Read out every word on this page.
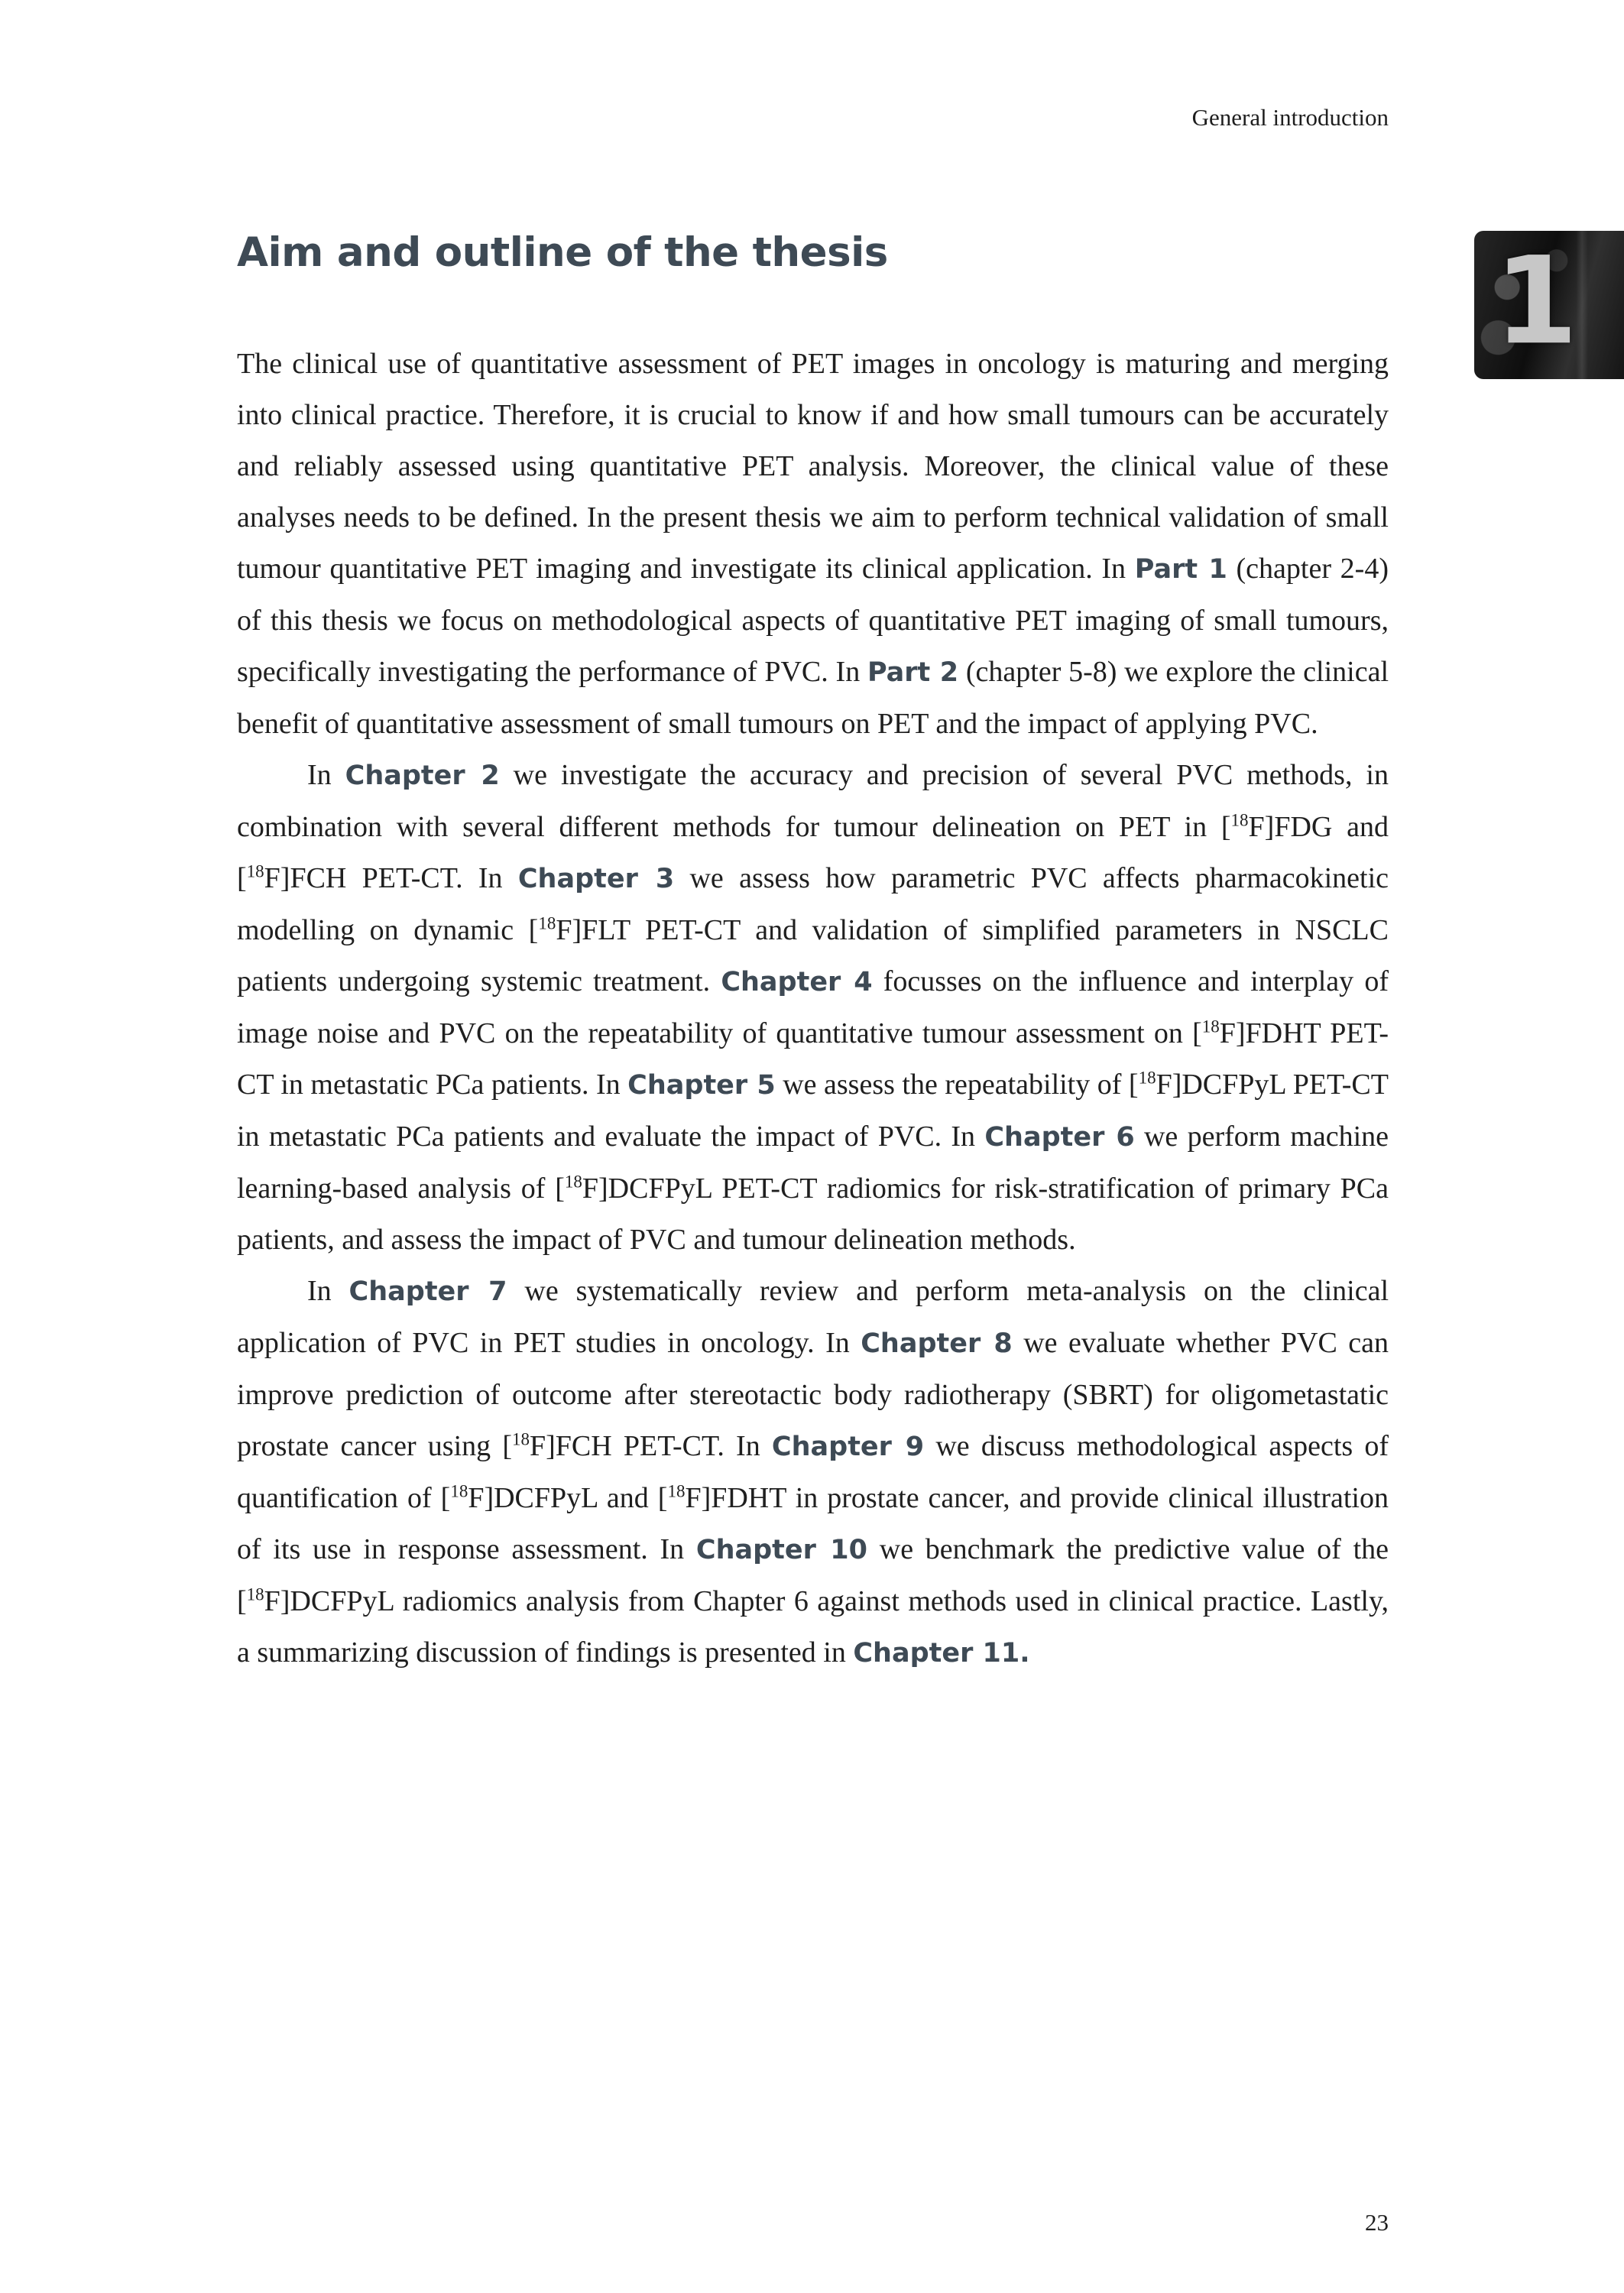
General introduction
1
Aim and outline of the thesis

The clinical use of quantitative assessment of PET images in oncology is maturing and merging into clinical practice. Therefore, it is crucial to know if and how small tumours can be accurately and reliably assessed using quantitative PET analysis. Moreover, the clinical value of these analyses needs to be defined. In the present thesis we aim to perform technical validation of small tumour quantitative PET imaging and investigate its clinical application. In Part 1 (chapter 2-4) of this thesis we focus on methodological aspects of quantitative PET imaging of small tumours, specifically investigating the performance of PVC. In Part 2 (chapter 5-8) we explore the clinical benefit of quantitative assessment of small tumours on PET and the impact of applying PVC.

In Chapter 2 we investigate the accuracy and precision of several PVC methods, in combination with several different methods for tumour delineation on PET in [$^{18}$F]FDG and [$^{18}$F]FCH PET-CT. In Chapter 3 we assess how parametric PVC affects pharmacokinetic modelling on dynamic [$^{18}$F]FLT PET-CT and validation of simplified parameters in NSCLC patients undergoing systemic treatment. Chapter 4 focusses on the influence and interplay of image noise and PVC on the repeatability of quantitative tumour assessment on [$^{18}$F]FDHT PET-CT in metastatic PCa patients. In Chapter 5 we assess the repeatability of [$^{18}$F]DCFPyL PET-CT in metastatic PCa patients and evaluate the impact of PVC. In Chapter 6 we perform machine learning-based analysis of [$^{18}$F]DCFPyL PET-CT radiomics for risk-stratification of primary PCa patients, and assess the impact of PVC and tumour delineation methods.

In Chapter 7 we systematically review and perform meta-analysis on the clinical application of PVC in PET studies in oncology. In Chapter 8 we evaluate whether PVC can improve prediction of outcome after stereotactic body radiotherapy (SBRT) for oligometastatic prostate cancer using [$^{18}$F]FCH PET-CT. In Chapter 9 we discuss methodological aspects of quantification of [$^{18}$F]DCFPyL and [$^{18}$F]FDHT in prostate cancer, and provide clinical illustration of its use in response assessment. In Chapter 10 we benchmark the predictive value of the [$^{18}$F]DCFPyL radiomics analysis from Chapter 6 against methods used in clinical practice. Lastly, a summarizing discussion of findings is presented in Chapter 11.

23
